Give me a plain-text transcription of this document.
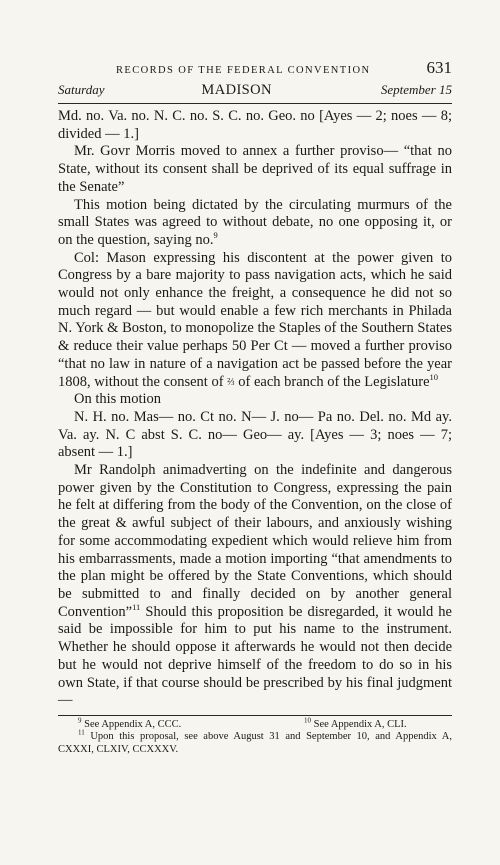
RECORDS OF THE FEDERAL CONVENTION	631
Saturday	MADISON	September 15

Md. no. Va. no. N. C. no. S. C. no. Geo. no [Ayes — 2; noes — 8; divided — 1.]

Mr. Govr Morris moved to annex a further proviso— “that no State, without its consent shall be deprived of its equal suffrage in the Senate”

This motion being dictated by the circulating murmurs of the small States was agreed to without debate, no one opposing it, or on the question, saying no.$^9$

Col: Mason expressing his discontent at the power given to Congress by a bare majority to pass navigation acts, which he said would not only enhance the freight, a consequence he did not so much regard — but would enable a few rich merchants in Philada N. York & Boston, to monopolize the Staples of the Southern States & reduce their value perhaps 50 Per Ct — moved a further proviso “that no law in nature of a navigation act be passed before the year 1808, without the consent of ⅔ of each branch of the Legislature$^{10}$

On this motion

N. H. no. Mas— no. Ct no. N— J. no— Pa no. Del. no. Md ay. Va. ay. N. C abst S. C. no— Geo— ay. [Ayes — 3; noes — 7; absent — 1.]

Mr Randolph animadverting on the indefinite and dangerous power given by the Constitution to Congress, expressing the pain he felt at differing from the body of the Convention, on the close of the great & awful subject of their labours, and anxiously wishing for some accommodating expedient which would relieve him from his embarrassments, made a motion importing “that amendments to the plan might be offered by the State Conventions, which should be submitted to and finally decided on by another general Convention”$^{11}$ Should this proposition be disregarded, it would he said be impossible for him to put his name to the instrument. Whether he should oppose it afterwards he would not then decide but he would not deprive himself of the freedom to do so in his own State, if that course should be prescribed by his final judgment—

$^9$ See Appendix A, CCC.	$^{10}$ See Appendix A, CLI.
$^{11}$ Upon this proposal, see above August 31 and September 10, and Appendix A, CXXXI, CLXIV, CCXXXV.
